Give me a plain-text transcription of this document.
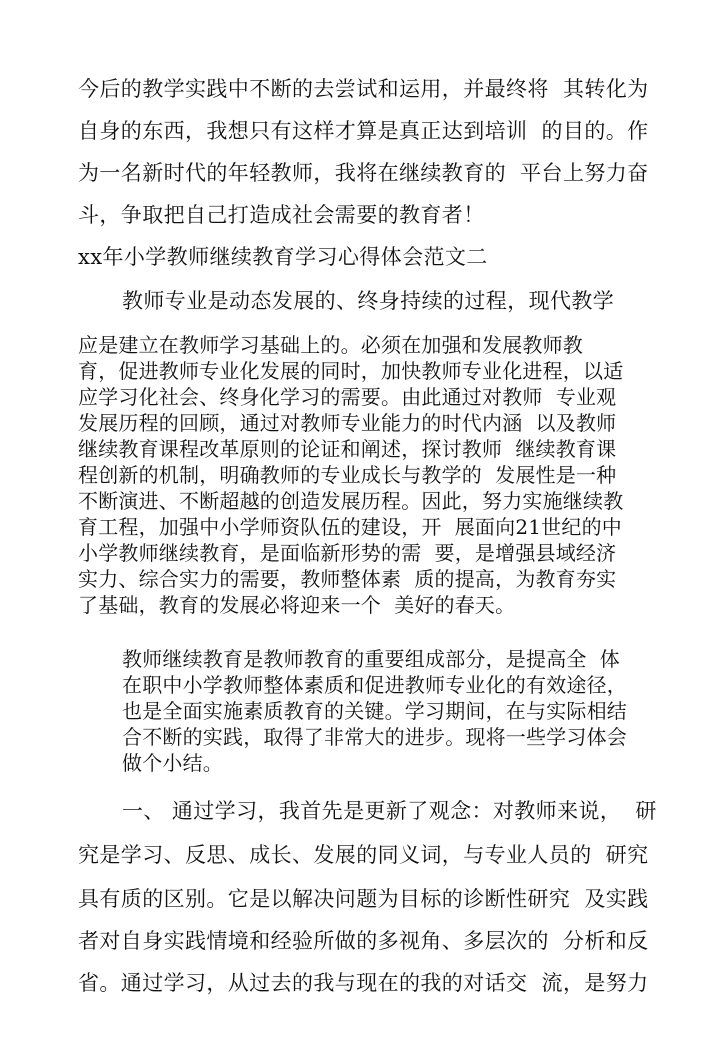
今后的教学实践中不断的去尝试和运用，并最终将  其转化为
自身的东西，我想只有这样才算是真正达到培训  的目的。作
为一名新时代的年轻教师，我将在继续教育的  平台上努力奋
斗，争取把自己打造成社会需要的教育者！
xx年小学教师继续教育学习心得体会范文二
教师专业是动态发展的、终身持续的过程，现代教学
应是建立在教师学习基础上的。必须在加强和发展教师教
育，促进教师专业化发展的同时，加快教师专业化进程，以适
应学习化社会、终身化学习的需要。由此通过对教师  专业观
发展历程的回顾，通过对教师专业能力的时代内涵  以及教师
继续教育课程改革原则的论证和阐述，探讨教师  继续教育课
程创新的机制，明确教师的专业成长与教学的  发展性是一种
不断演进、不断超越的创造发展历程。因此，努力实施继续教
育工程，加强中小学师资队伍的建设，开  展面向21世纪的中
小学教师继续教育，是面临新形势的需  要，是增强县域经济
实力、综合实力的需要，教师整体素  质的提高，为教育夯实
了基础，教育的发展必将迎来一个  美好的春天。
教师继续教育是教师教育的重要组成部分，是提高全  体
在职中小学教师整体素质和促进教师专业化的有效途径，
也是全面实施素质教育的关键。学习期间，在与实际相结
合不断的实践，取得了非常大的进步。现将一些学习体会
做个小结。
一、 通过学习，我首先是更新了观念：对教师来说，  研
究是学习、反思、成长、发展的同义词，与专业人员的  研究
具有质的区别。它是以解决问题为目标的诊断性研究  及实践
者对自身实践情境和经验所做的多视角、多层次的  分析和反
省。通过学习，从过去的我与现在的我的对话交  流，是努力
